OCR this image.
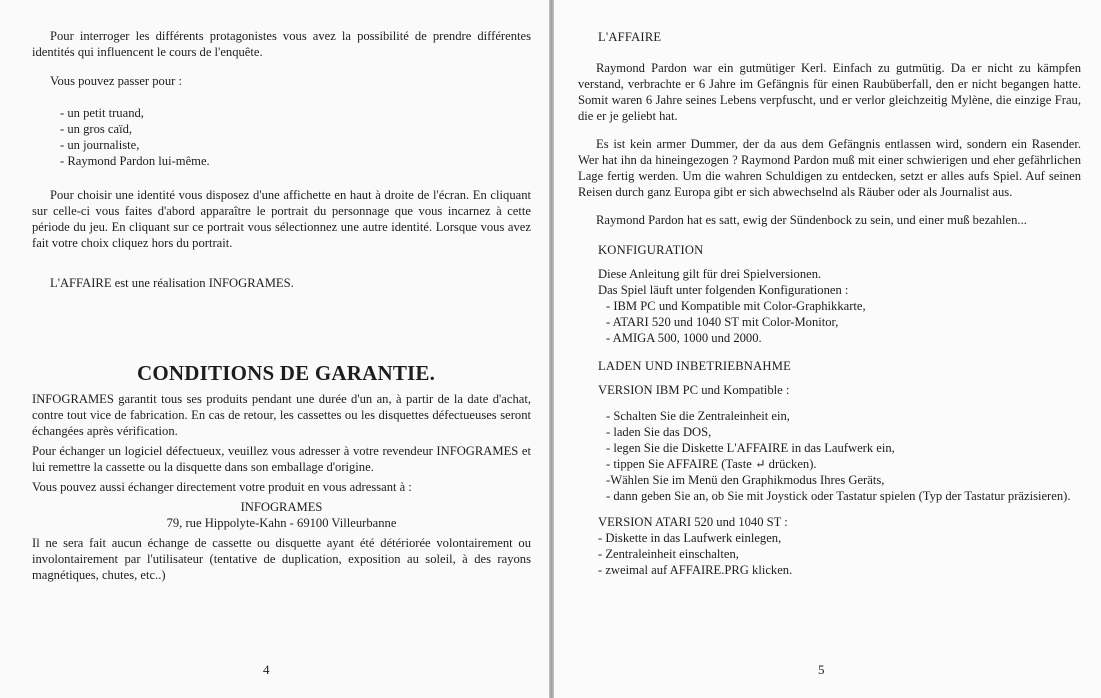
Pour interroger les différents protagonistes vous avez la possibilité de prendre différentes identités qui influencent le cours de l'enquête.

Vous pouvez passer pour :

- un petit truand,
- un gros caïd,
- un journaliste,
- Raymond Pardon lui-même.

Pour choisir une identité vous disposez d'une affichette en haut à droite de l'écran. En cliquant sur celle-ci vous faites d'abord apparaître le portrait du personnage que vous incarnez à cette période du jeu. En cliquant sur ce portrait vous sélectionnez une autre identité. Lorsque vous avez fait votre choix cliquez hors du portrait.

L'AFFAIRE est une réalisation INFOGRAMES.

CONDITIONS DE GARANTIE.

INFOGRAMES garantit tous ses produits pendant une durée d'un an, à partir de la date d'achat, contre tout vice de fabrication. En cas de retour, les cassettes ou les disquettes défectueuses seront échangées après vérification.

Pour échanger un logiciel défectueux, veuillez vous adresser à votre revendeur INFOGRAMES et lui remettre la cassette ou la disquette dans son emballage d'origine.

Vous pouvez aussi échanger directement votre produit en vous adressant à :

INFOGRAMES

79, rue Hippolyte-Kahn - 69100 Villeurbanne

Il ne sera fait aucun échange de cassette ou disquette ayant été détériorée volontairement ou involontairement par l'utilisateur (tentative de duplication, exposition au soleil, à des rayons magnétiques, chutes, etc..)

4

L'AFFAIRE

Raymond Pardon war ein gutmütiger Kerl. Einfach zu gutmütig. Da er nicht zu kämpfen verstand, verbrachte er 6 Jahre im Gefängnis für einen Raubüberfall, den er nicht begangen hatte. Somit waren 6 Jahre seines Lebens verpfuscht, und er verlor gleichzeitig Mylène, die einzige Frau, die er je geliebt hat.

Es ist kein armer Dummer, der da aus dem Gefängnis entlassen wird, sondern ein Rasender. Wer hat ihn da hineingezogen ? Raymond Pardon muß mit einer schwierigen und eher gefährlichen Lage fertig werden. Um die wahren Schuldigen zu entdecken, setzt er alles aufs Spiel. Auf seinen Reisen durch ganz Europa gibt er sich abwechselnd als Räuber oder als Journalist aus.

Raymond Pardon hat es satt, ewig der Sündenbock zu sein, und einer muß bezahlen...

KONFIGURATION

Diese Anleitung gilt für drei Spielversionen.

Das Spiel läuft unter folgenden Konfigurationen :

- IBM PC und Kompatible mit Color-Graphikkarte,
- ATARI 520 und 1040 ST mit Color-Monitor,
- AMIGA 500, 1000 und 2000.

LADEN UND INBETRIEBNAHME

VERSION IBM PC und Kompatible :

- Schalten Sie die Zentraleinheit ein,
- laden Sie das DOS,
- legen Sie die Diskette L'AFFAIRE in das Laufwerk ein,
- tippen Sie AFFAIRE (Taste ↵ drücken).
-Wählen Sie im Menü den Graphikmodus Ihres Geräts,
- dann geben Sie an, ob Sie mit Joystick oder Tastatur spielen (Typ der Tastatur präzisieren).

VERSION ATARI 520 und 1040 ST :

- Diskette in das Laufwerk einlegen,
- Zentraleinheit einschalten,
- zweimal auf AFFAIRE.PRG klicken.
5
